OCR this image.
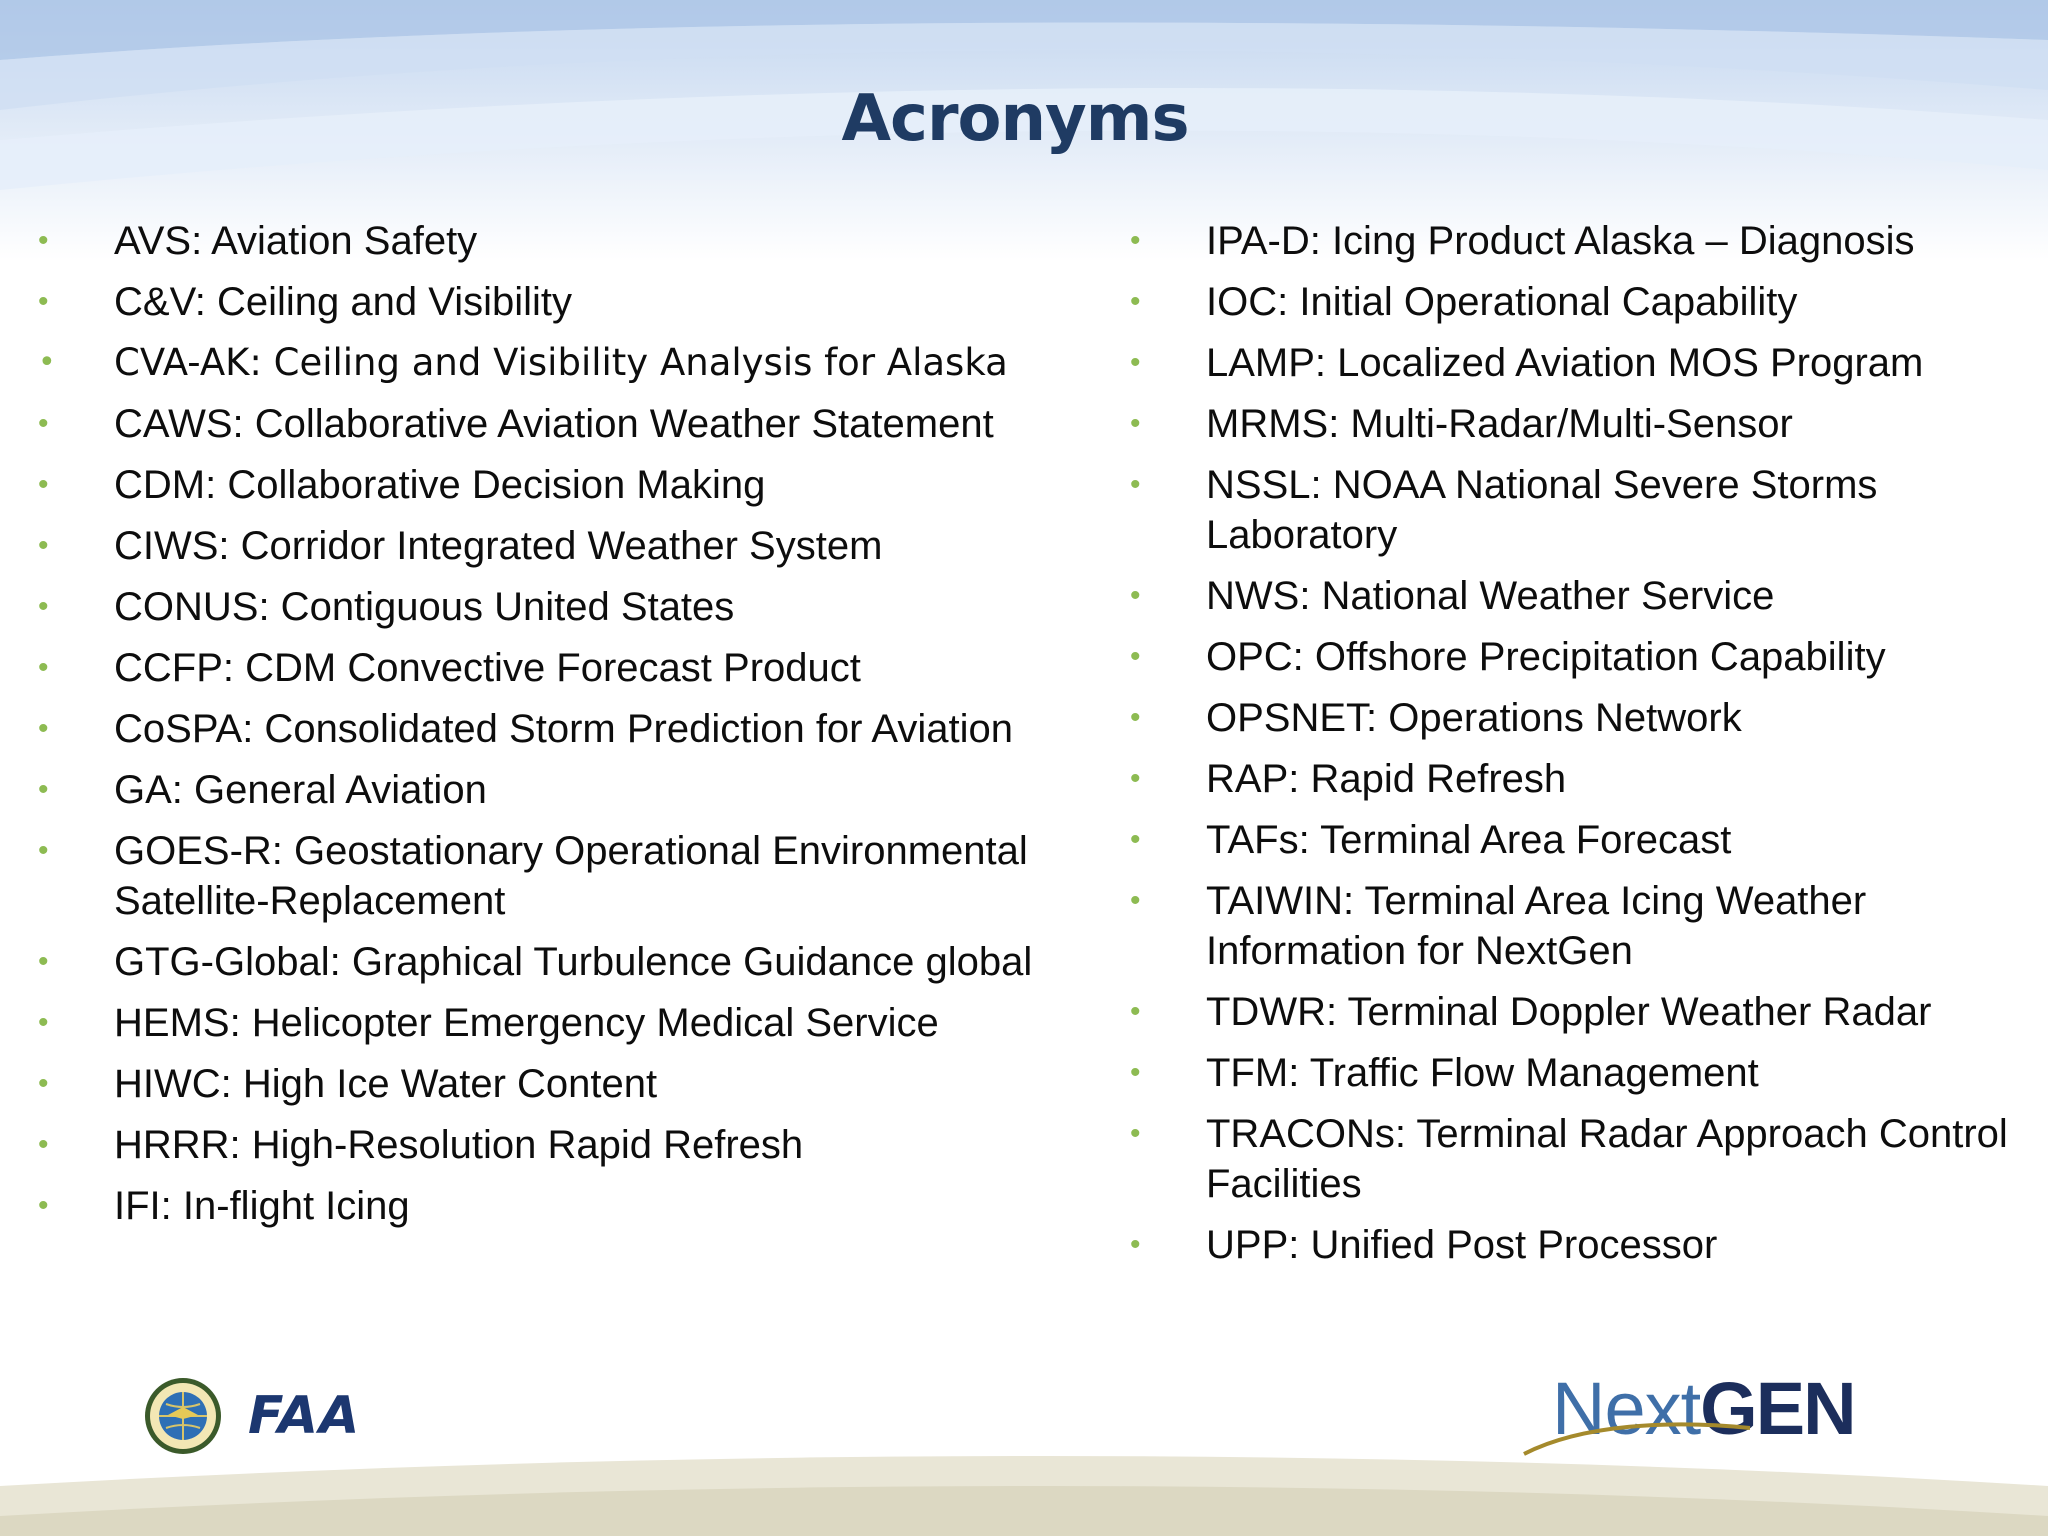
Acronyms
• AVS: Aviation Safety
• C&V: Ceiling and Visibility
• CVA-AK: Ceiling and Visibility Analysis for Alaska
• CAWS: Collaborative Aviation Weather Statement
• CDM: Collaborative Decision Making
• CIWS: Corridor Integrated Weather System
• CONUS: Contiguous United States
• CCFP: CDM Convective Forecast Product
• CoSPA: Consolidated Storm Prediction for Aviation
• GA: General Aviation
• GOES-R: Geostationary Operational Environmental Satellite-Replacement
• GTG-Global: Graphical Turbulence Guidance global
• HEMS: Helicopter Emergency Medical Service
• HIWC: High Ice Water Content
• HRRR: High-Resolution Rapid Refresh
• IFI: In-flight Icing
• IPA-D: Icing Product Alaska – Diagnosis
• IOC: Initial Operational Capability
• LAMP: Localized Aviation MOS Program
• MRMS: Multi-Radar/Multi-Sensor
• NSSL: NOAA National Severe Storms Laboratory
• NWS: National Weather Service
• OPC: Offshore Precipitation Capability
• OPSNET: Operations Network
• RAP: Rapid Refresh
• TAFs: Terminal Area Forecast
• TAIWIN: Terminal Area Icing Weather Information for NextGen
• TDWR: Terminal Doppler Weather Radar
• TFM: Traffic Flow Management
• TRACONs: Terminal Radar Approach Control Facilities
• UPP: Unified Post Processor
FAA	NextGEN
